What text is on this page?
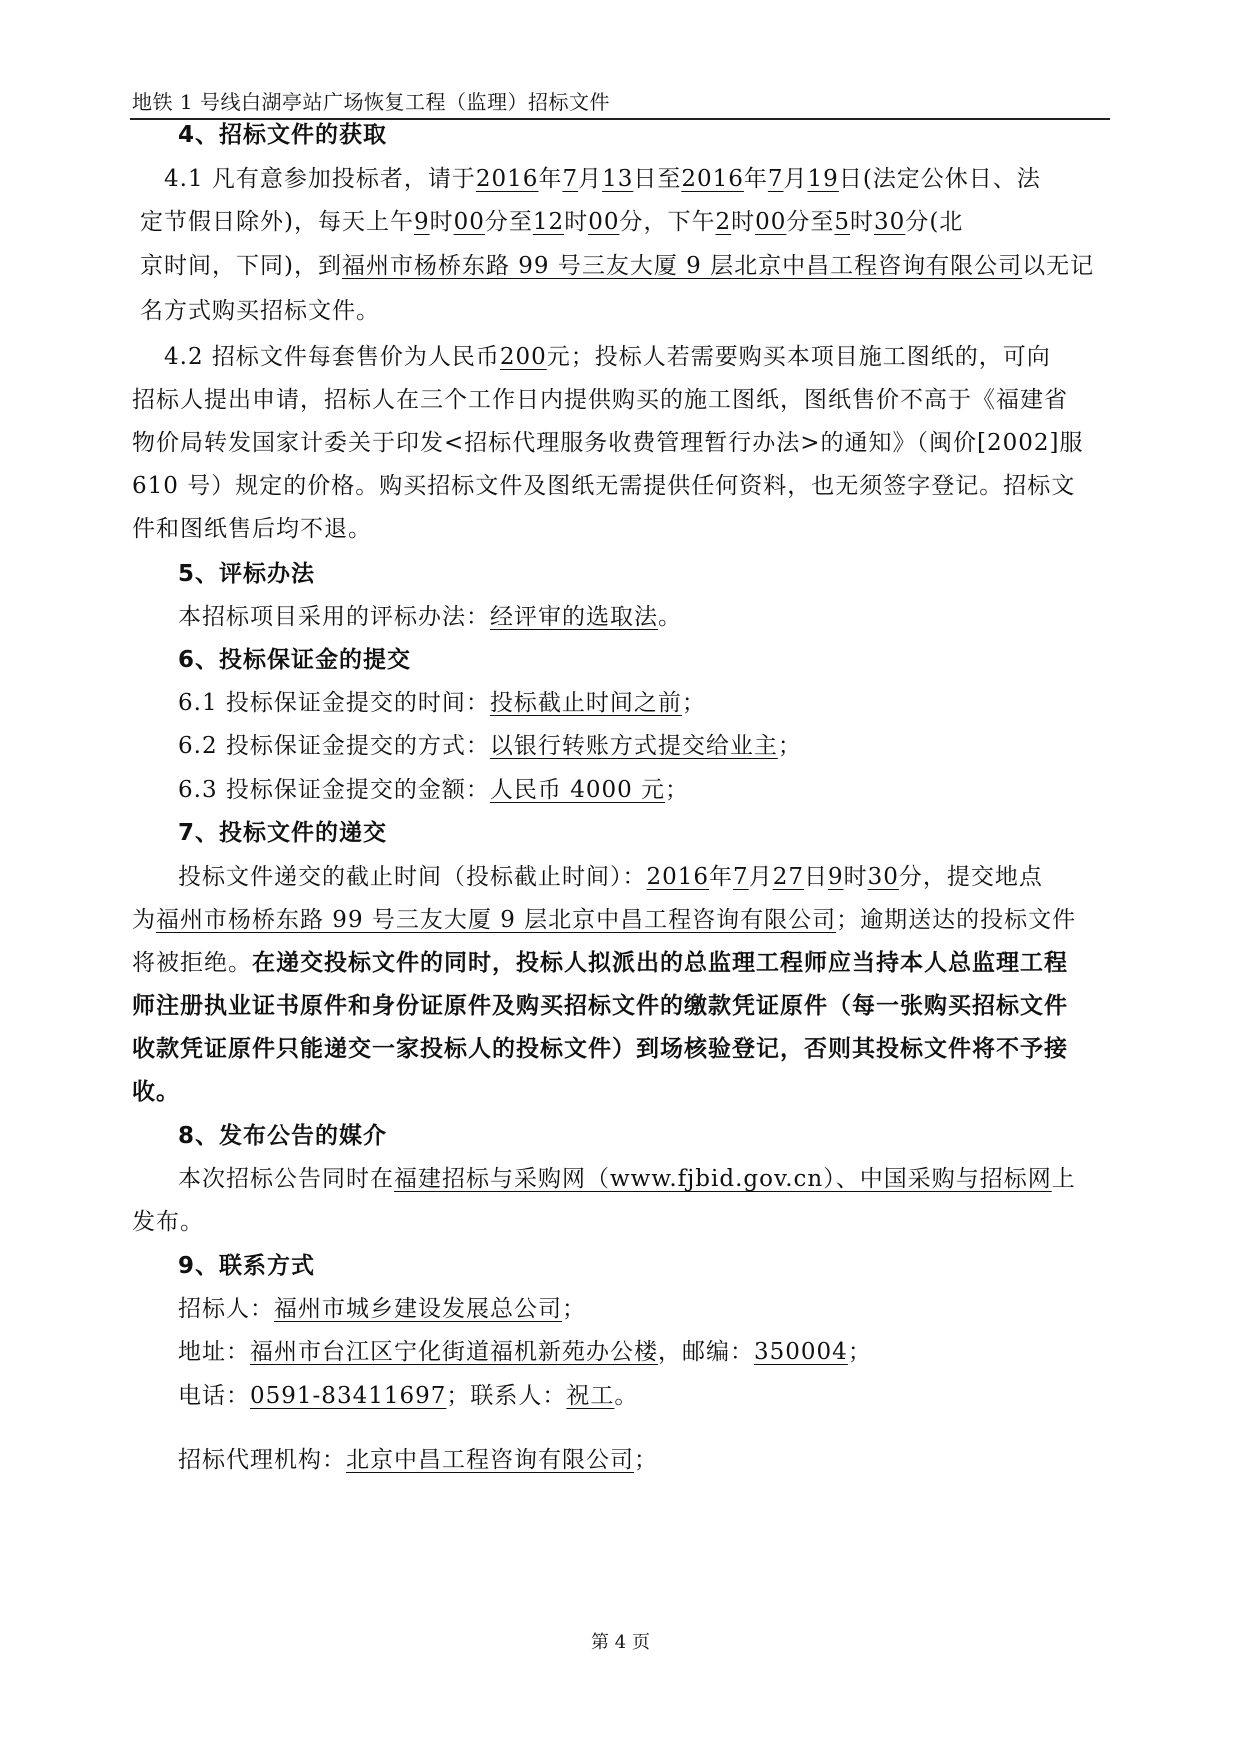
地铁 1 号线白湖亭站广场恢复工程（监理）招标文件
4、招标文件的获取
4.1 凡有意参加投标者，请于2016年7月13日至2016年7月19日(法定公休日、法
定节假日除外)，每天上午9时00分至12时00分，下午2时00分至5时30分(北
京时间，下同)，到福州市杨桥东路 99 号三友大厦 9 层北京中昌工程咨询有限公司以无记
名方式购买招标文件。
4.2 招标文件每套售价为人民币200元；投标人若需要购买本项目施工图纸的，可向
招标人提出申请，招标人在三个工作日内提供购买的施工图纸，图纸售价不高于《福建省
物价局转发国家计委关于印发<招标代理服务收费管理暂行办法>的通知》（闽价[2002]服
610 号）规定的价格。购买招标文件及图纸无需提供任何资料，也无须签字登记。招标文
件和图纸售后均不退。
5、评标办法
本招标项目采用的评标办法：经评审的选取法。
6、投标保证金的提交
6.1 投标保证金提交的时间：投标截止时间之前；
6.2 投标保证金提交的方式：以银行转账方式提交给业主；
6.3 投标保证金提交的金额：人民币 4000 元；
7、投标文件的递交
投标文件递交的截止时间（投标截止时间）：2016年7月27日9时30分，提交地点
为福州市杨桥东路 99 号三友大厦 9 层北京中昌工程咨询有限公司；逾期送达的投标文件
将被拒绝。在递交投标文件的同时，投标人拟派出的总监理工程师应当持本人总监理工程
师注册执业证书原件和身份证原件及购买招标文件的缴款凭证原件（每一张购买招标文件
收款凭证原件只能递交一家投标人的投标文件）到场核验登记，否则其投标文件将不予接
收。
8、发布公告的媒介
本次招标公告同时在福建招标与采购网（www.fjbid.gov.cn）、中国采购与招标网上
发布。
9、联系方式
招标人：福州市城乡建设发展总公司；
地址：福州市台江区宁化街道福机新苑办公楼，邮编：350004；
电话：0591-83411697；联系人：祝工。
招标代理机构：北京中昌工程咨询有限公司；
第 4 页
